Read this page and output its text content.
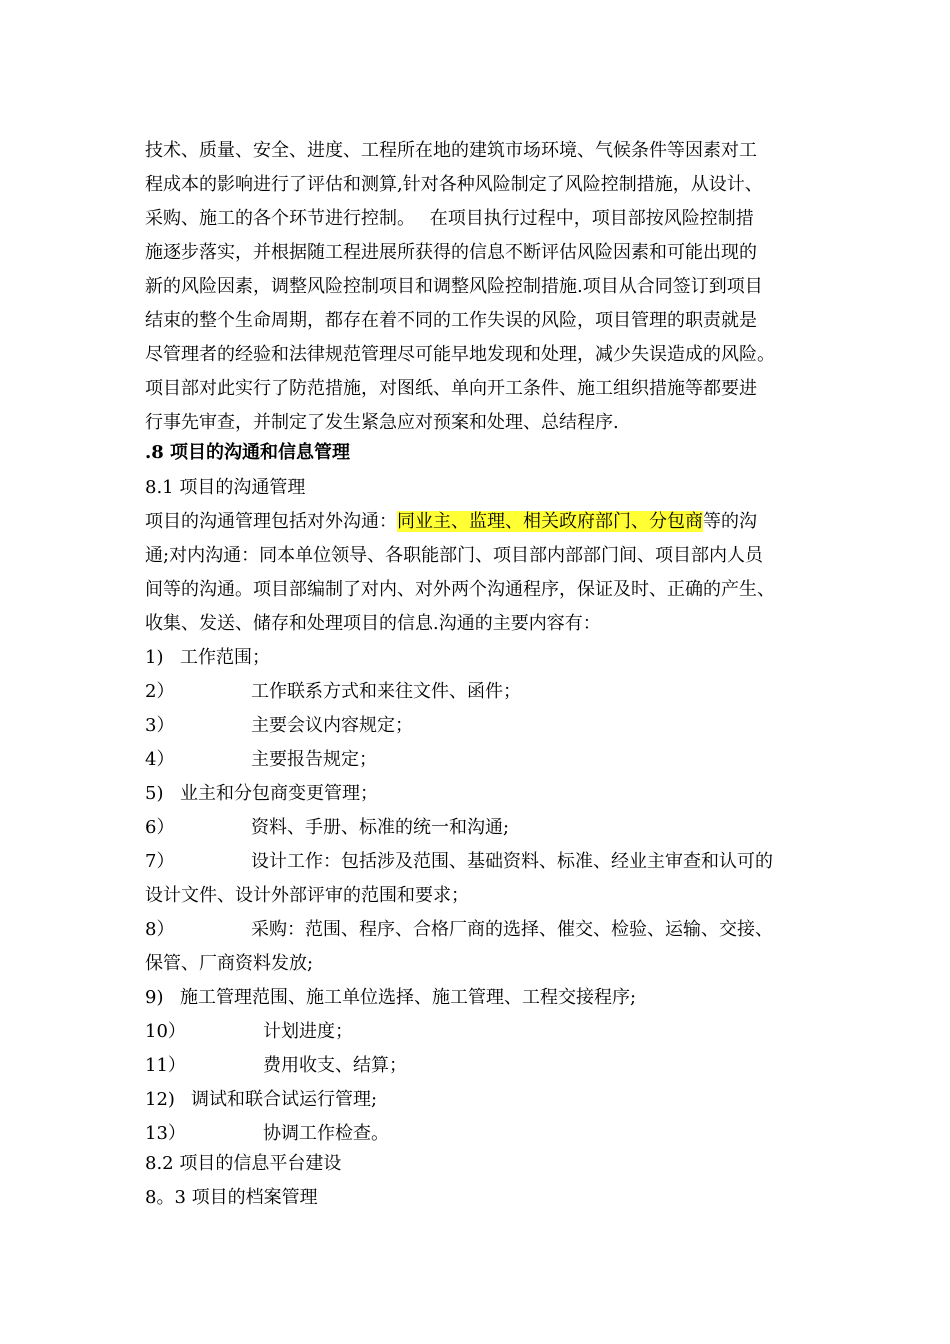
技术、质量、安全、进度、工程所在地的建筑市场环境、气候条件等因素对工
程成本的影响进行了评估和测算,针对各种风险制定了风险控制措施，从设计、
采购、施工的各个环节进行控制。　 在项目执行过程中，项目部按风险控制措
施逐步落实，并根据随工程进展所获得的信息不断评估风险因素和可能出现的
新的风险因素，调整风险控制项目和调整风险控制措施.项目从合同签订到项目
结束的整个生命周期，都存在着不同的工作失误的风险，项目管理的职责就是
尽管理者的经验和法律规范管理尽可能早地发现和处理，减少失误造成的风险。
项目部对此实行了防范措施，对图纸、单向开工条件、施工组织措施等都要进
行事先审查，并制定了发生紧急应对预案和处理、总结程序.
.8 项目的沟通和信息管理
8.1 项目的沟通管理
项目的沟通管理包括对外沟通：同业主、监理、相关政府部门、分包商等的沟
通;对内沟通：同本单位领导、各职能部门、项目部内部部门间、项目部内人员
间等的沟通。项目部编制了对内、对外两个沟通程序，保证及时、正确的产生、
收集、发送、储存和处理项目的信息.沟通的主要内容有：
1) 工作范围；
2）	工作联系方式和来往文件、函件；
3）	主要会议内容规定；
4）	主要报告规定；
5) 业主和分包商变更管理；
6）	资料、手册、标准的统一和沟通;
7）	设计工作：包括涉及范围、基础资料、标准、经业主审查和认可的
设计文件、设计外部评审的范围和要求；
8）	采购：范围、程序、合格厂商的选择、催交、检验、运输、交接、
保管、厂商资料发放;
9) 施工管理范围、施工单位选择、施工管理、工程交接程序;
10）	计划进度；
11）	费用收支、结算；
12) 调试和联合试运行管理;
13）	协调工作检查。
8.2 项目的信息平台建设
8。3 项目的档案管理
